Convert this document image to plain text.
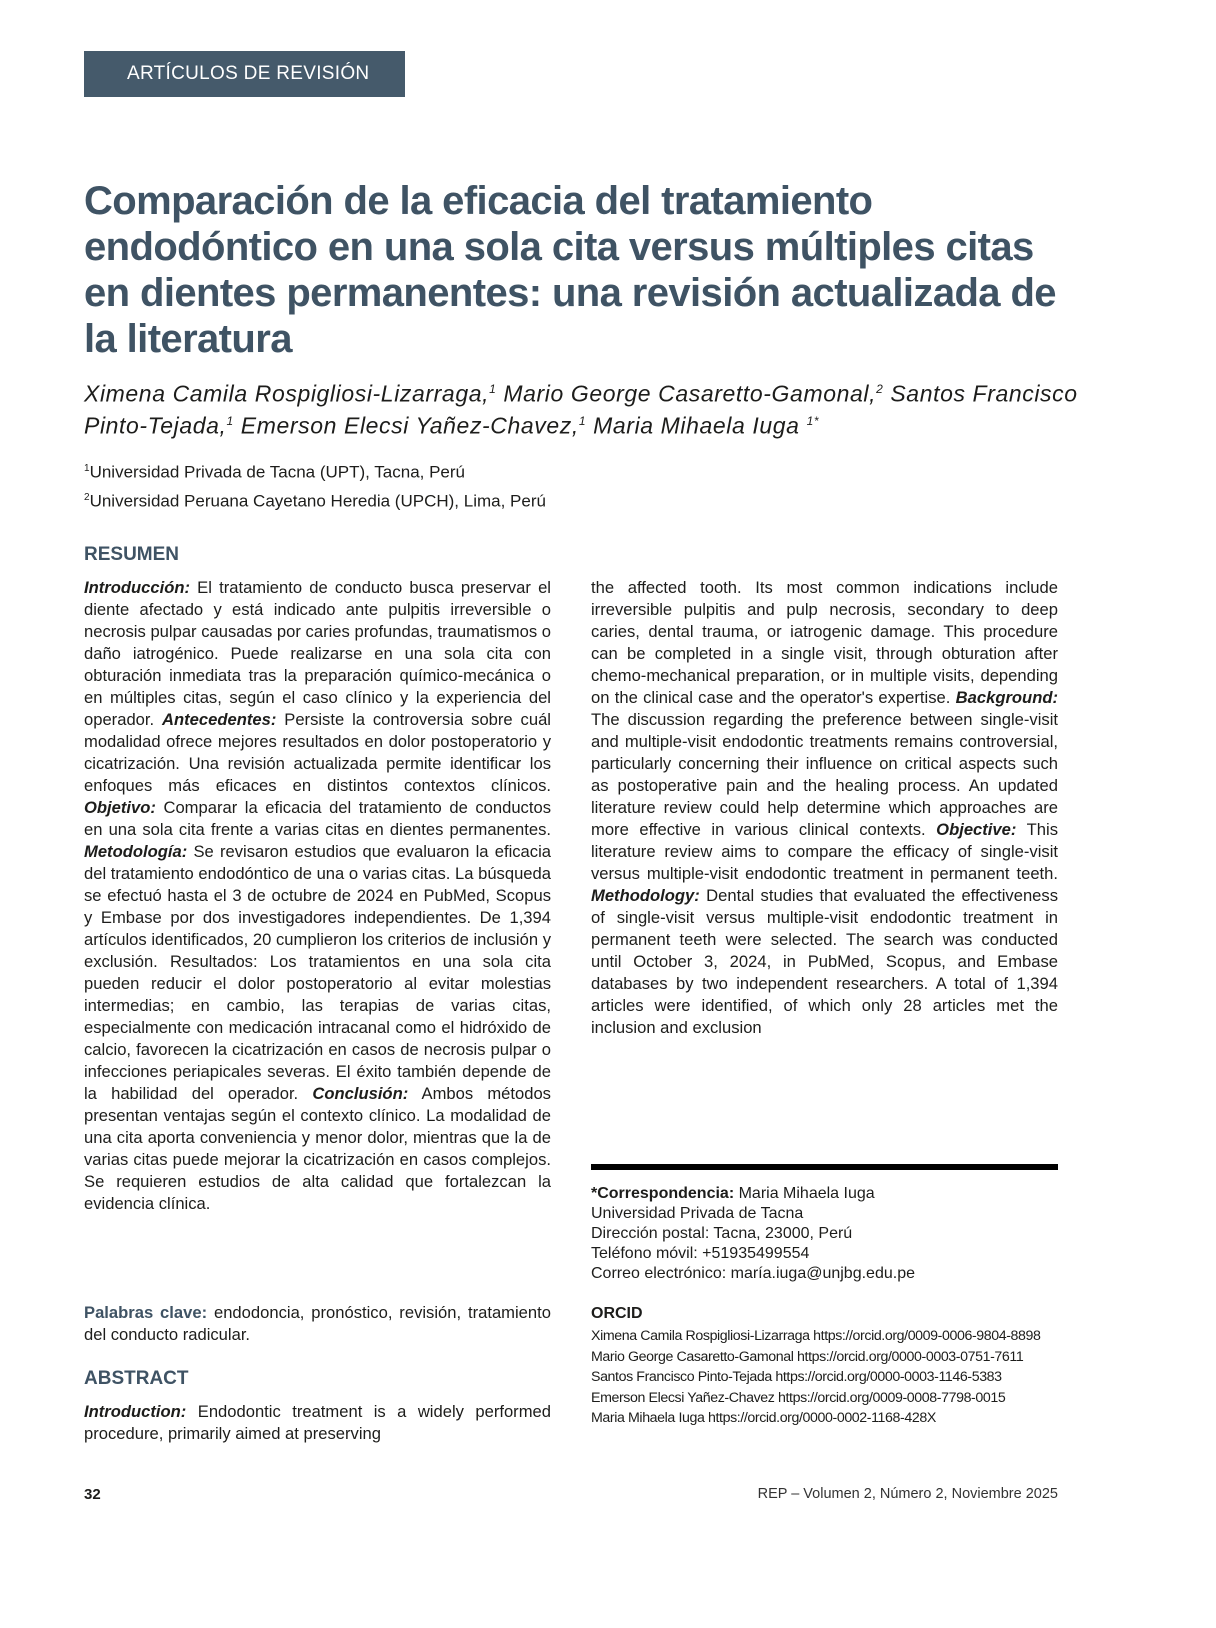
ARTÍCULOS DE REVISIÓN
Comparación de la eficacia del tratamiento endodóntico en una sola cita versus múltiples citas en dientes permanentes: una revisión actualizada de la literatura
Ximena Camila Rospigliosi-Lizarraga,$^1$ Mario George Casaretto-Gamonal,$^2$ Santos Francisco Pinto-Tejada,$^1$ Emerson Elecsi Yañez-Chavez,$^1$ Maria Mihaela Iuga $^{1*}$
$^1$Universidad Privada de Tacna (UPT), Tacna, Perú
$^2$Universidad Peruana Cayetano Heredia (UPCH), Lima, Perú
RESUMEN
Introducción: El tratamiento de conducto busca preservar el diente afectado y está indicado ante pulpitis irreversible o necrosis pulpar causadas por caries profundas, traumatismos o daño iatrogénico. Puede realizarse en una sola cita con obturación inmediata tras la preparación químico-mecánica o en múltiples citas, según el caso clínico y la experiencia del operador. Antecedentes: Persiste la controversia sobre cuál modalidad ofrece mejores resultados en dolor postoperatorio y cicatrización. Una revisión actualizada permite identificar los enfoques más eficaces en distintos contextos clínicos. Objetivo: Comparar la eficacia del tratamiento de conductos en una sola cita frente a varias citas en dientes permanentes. Metodología: Se revisaron estudios que evaluaron la eficacia del tratamiento endodóntico de una o varias citas. La búsqueda se efectuó hasta el 3 de octubre de 2024 en PubMed, Scopus y Embase por dos investigadores independientes. De 1,394 artículos identificados, 20 cumplieron los criterios de inclusión y exclusión. Resultados: Los tratamientos en una sola cita pueden reducir el dolor postoperatorio al evitar molestias intermedias; en cambio, las terapias de varias citas, especialmente con medicación intracanal como el hidróxido de calcio, favorecen la cicatrización en casos de necrosis pulpar o infecciones periapicales severas. El éxito también depende de la habilidad del operador. Conclusión: Ambos métodos presentan ventajas según el contexto clínico. La modalidad de una cita aporta conveniencia y menor dolor, mientras que la de varias citas puede mejorar la cicatrización en casos complejos. Se requieren estudios de alta calidad que fortalezcan la evidencia clínica.
Palabras clave: endodoncia, pronóstico, revisión, tratamiento del conducto radicular.
ABSTRACT
Introduction: Endodontic treatment is a widely performed procedure, primarily aimed at preserving
the affected tooth. Its most common indications include irreversible pulpitis and pulp necrosis, secondary to deep caries, dental trauma, or iatrogenic damage. This procedure can be completed in a single visit, through obturation after chemo-mechanical preparation, or in multiple visits, depending on the clinical case and the operator's expertise. Background: The discussion regarding the preference between single-visit and multiple-visit endodontic treatments remains controversial, particularly concerning their influence on critical aspects such as postoperative pain and the healing process. An updated literature review could help determine which approaches are more effective in various clinical contexts. Objective: This literature review aims to compare the efficacy of single-visit versus multiple-visit endodontic treatment in permanent teeth. Methodology: Dental studies that evaluated the effectiveness of single-visit versus multiple-visit endodontic treatment in permanent teeth were selected. The search was conducted until October 3, 2024, in PubMed, Scopus, and Embase databases by two independent researchers. A total of 1,394 articles were identified, of which only 28 articles met the inclusion and exclusion
*Correspondencia: Maria Mihaela Iuga
Universidad Privada de Tacna
Dirección postal: Tacna, 23000, Perú
Teléfono móvil: +51935499554
Correo electrónico: maría.iuga@unjbg.edu.pe
ORCID
Ximena Camila Rospigliosi-Lizarraga https://orcid.org/0009-0006-9804-8898
Mario George Casaretto-Gamonal https://orcid.org/0000-0003-0751-7611
Santos Francisco Pinto-Tejada https://orcid.org/0000-0003-1146-5383
Emerson Elecsi Yañez-Chavez https://orcid.org/0009-0008-7798-0015
Maria Mihaela Iuga https://orcid.org/0000-0002-1168-428X
32	REP – Volumen 2, Número 2, Noviembre 2025
